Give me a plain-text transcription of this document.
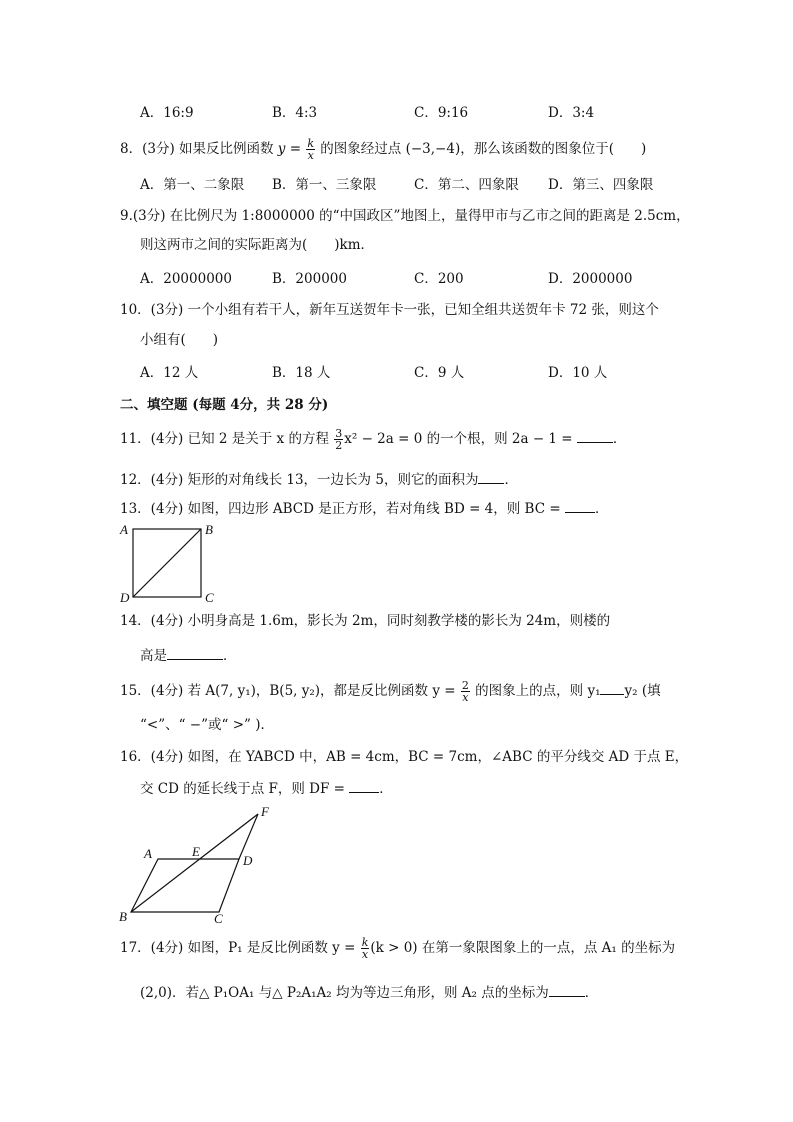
A．16:9	B．4:3	C．9:16	D．3:4
8．(3分) 如果反比例函数 $y = \frac{k}{x}$ 的图象经过点 (−3,−4)，那么该函数的图象位于(　　)
A．第一、二象限 B．第一、三象限	C．第二、四象限 D．第三、四象限
9.(3分) 在比例尺为 1:8000000 的“中国政区”地图上，量得甲市与乙市之间的距离是 2.5cm，
则这两市之间的实际距离为(　　)km．
A．20000000	B．200000	C．200	D．2000000
10．(3分) 一个小组有若干人，新年互送贺年卡一张，已知全组共送贺年卡 72 张，则这个
小组有(　　)
A．12 人	B．18 人	C．9 人	D．10 人
二、填空题 (每题 4分，共 28 分)
11．(4分) 已知 2 是关于 x 的方程 $\frac{3}{2} x^2 - 2a = 0$ 的一个根，则 2a − 1 =	．
12．(4分) 矩形的对角线长 13，一边长为 5，则它的面积为 ．
13．(4分) 如图，四边形 ABCD 是正方形，若对角线 BD = 4，则 BC = ．
A	B
C
D
14．(4分) 小明身高是 1.6m，影长为 2m，同时刻教学楼的影长为 24m，则楼的
高是	．
15．(4分) 若 A(7, y₁)，B(5, y₂)，都是反比例函数 $y = \frac{2}{x}$ 的图象上的点，则 y₁ y₂ (填
“<”、“ −”或“ >” )．
16．(4分) 如图，在 YABCD 中，AB = 4cm，BC = 7cm，∠ABC 的平分线交 AD 于点 E，
交 CD 的延长线于点 F，则 DF = ．
A	E
D
F
B	C
17．(4分) 如图，P₁ 是反比例函数 $y = \frac{k}{x} (k > 0)$ 在第一象限图象上的一点，点 A₁ 的坐标为
(2,0)．若△ P₁OA₁ 与△ P₂A₁A₂ 均为等边三角形，则 A₂ 点的坐标为	．
